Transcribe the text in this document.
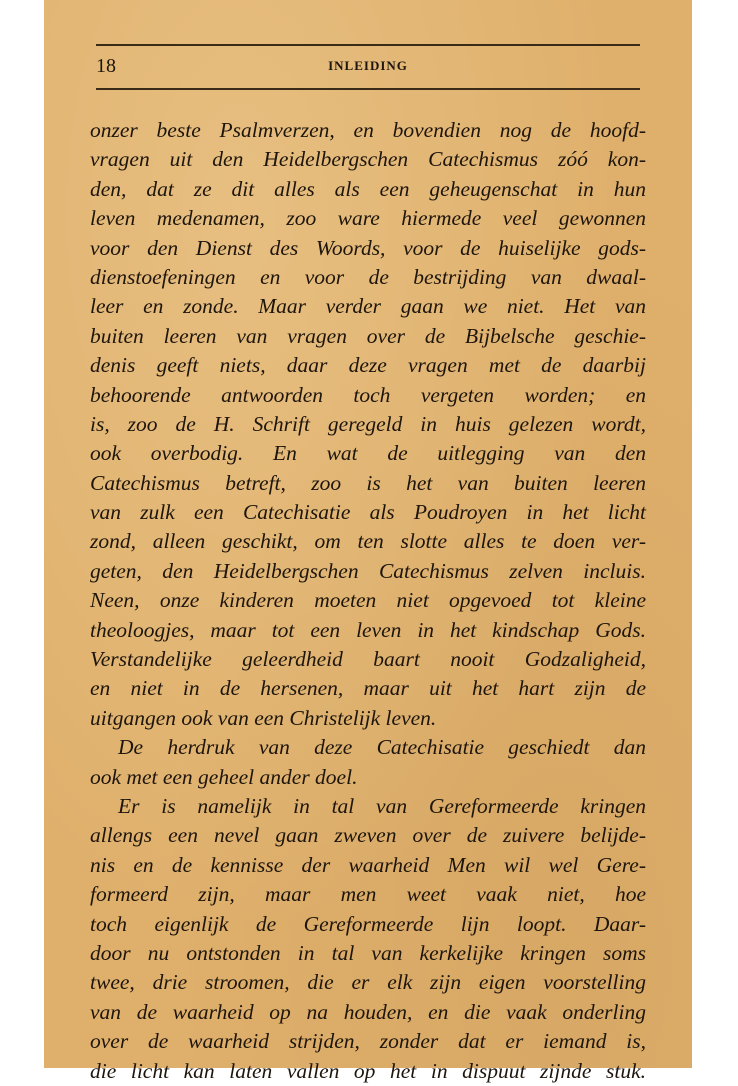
18	INLEIDING
onzer beste Psalmverzen, en bovendien nog de hoofd-
vragen uit den Heidelbergschen Catechismus zóó kon-
den, dat ze dit alles als een geheugenschat in hun
leven medenamen, zoo ware hiermede veel gewonnen
voor den Dienst des Woords, voor de huiselijke gods-
dienstoefeningen en voor de bestrijding van dwaal-
leer en zonde. Maar verder gaan we niet. Het van
buiten leeren van vragen over de Bijbelsche geschie-
denis geeft niets, daar deze vragen met de daarbij
behoorende antwoorden toch vergeten worden; en
is, zoo de H. Schrift geregeld in huis gelezen wordt,
ook overbodig. En wat de uitlegging van den
Catechismus betreft, zoo is het van buiten leeren
van zulk een Catechisatie als Poudroyen in het licht
zond, alleen geschikt, om ten slotte alles te doen ver-
geten, den Heidelbergschen Catechismus zelven incluis.
Neen, onze kinderen moeten niet opgevoed tot kleine
theoloogjes, maar tot een leven in het kindschap Gods.
Verstandelijke geleerdheid baart nooit Godzaligheid,
en niet in de hersenen, maar uit het hart zijn de
uitgangen ook van een Christelijk leven.
De herdruk van deze Catechisatie geschiedt dan
ook met een geheel ander doel.
Er is namelijk in tal van Gereformeerde kringen
allengs een nevel gaan zweven over de zuivere belijde-
nis en de kennisse der waarheid Men wil wel Gere-
formeerd zijn, maar men weet vaak niet, hoe
toch eigenlijk de Gereformeerde lijn loopt. Daar-
door nu ontstonden in tal van kerkelijke kringen soms
twee, drie stroomen, die er elk zijn eigen voorstelling
van de waarheid op na houden, en die vaak onderling
over de waarheid strijden, zonder dat er iemand is,
die licht kan laten vallen op het in dispuut zijnde stuk.
